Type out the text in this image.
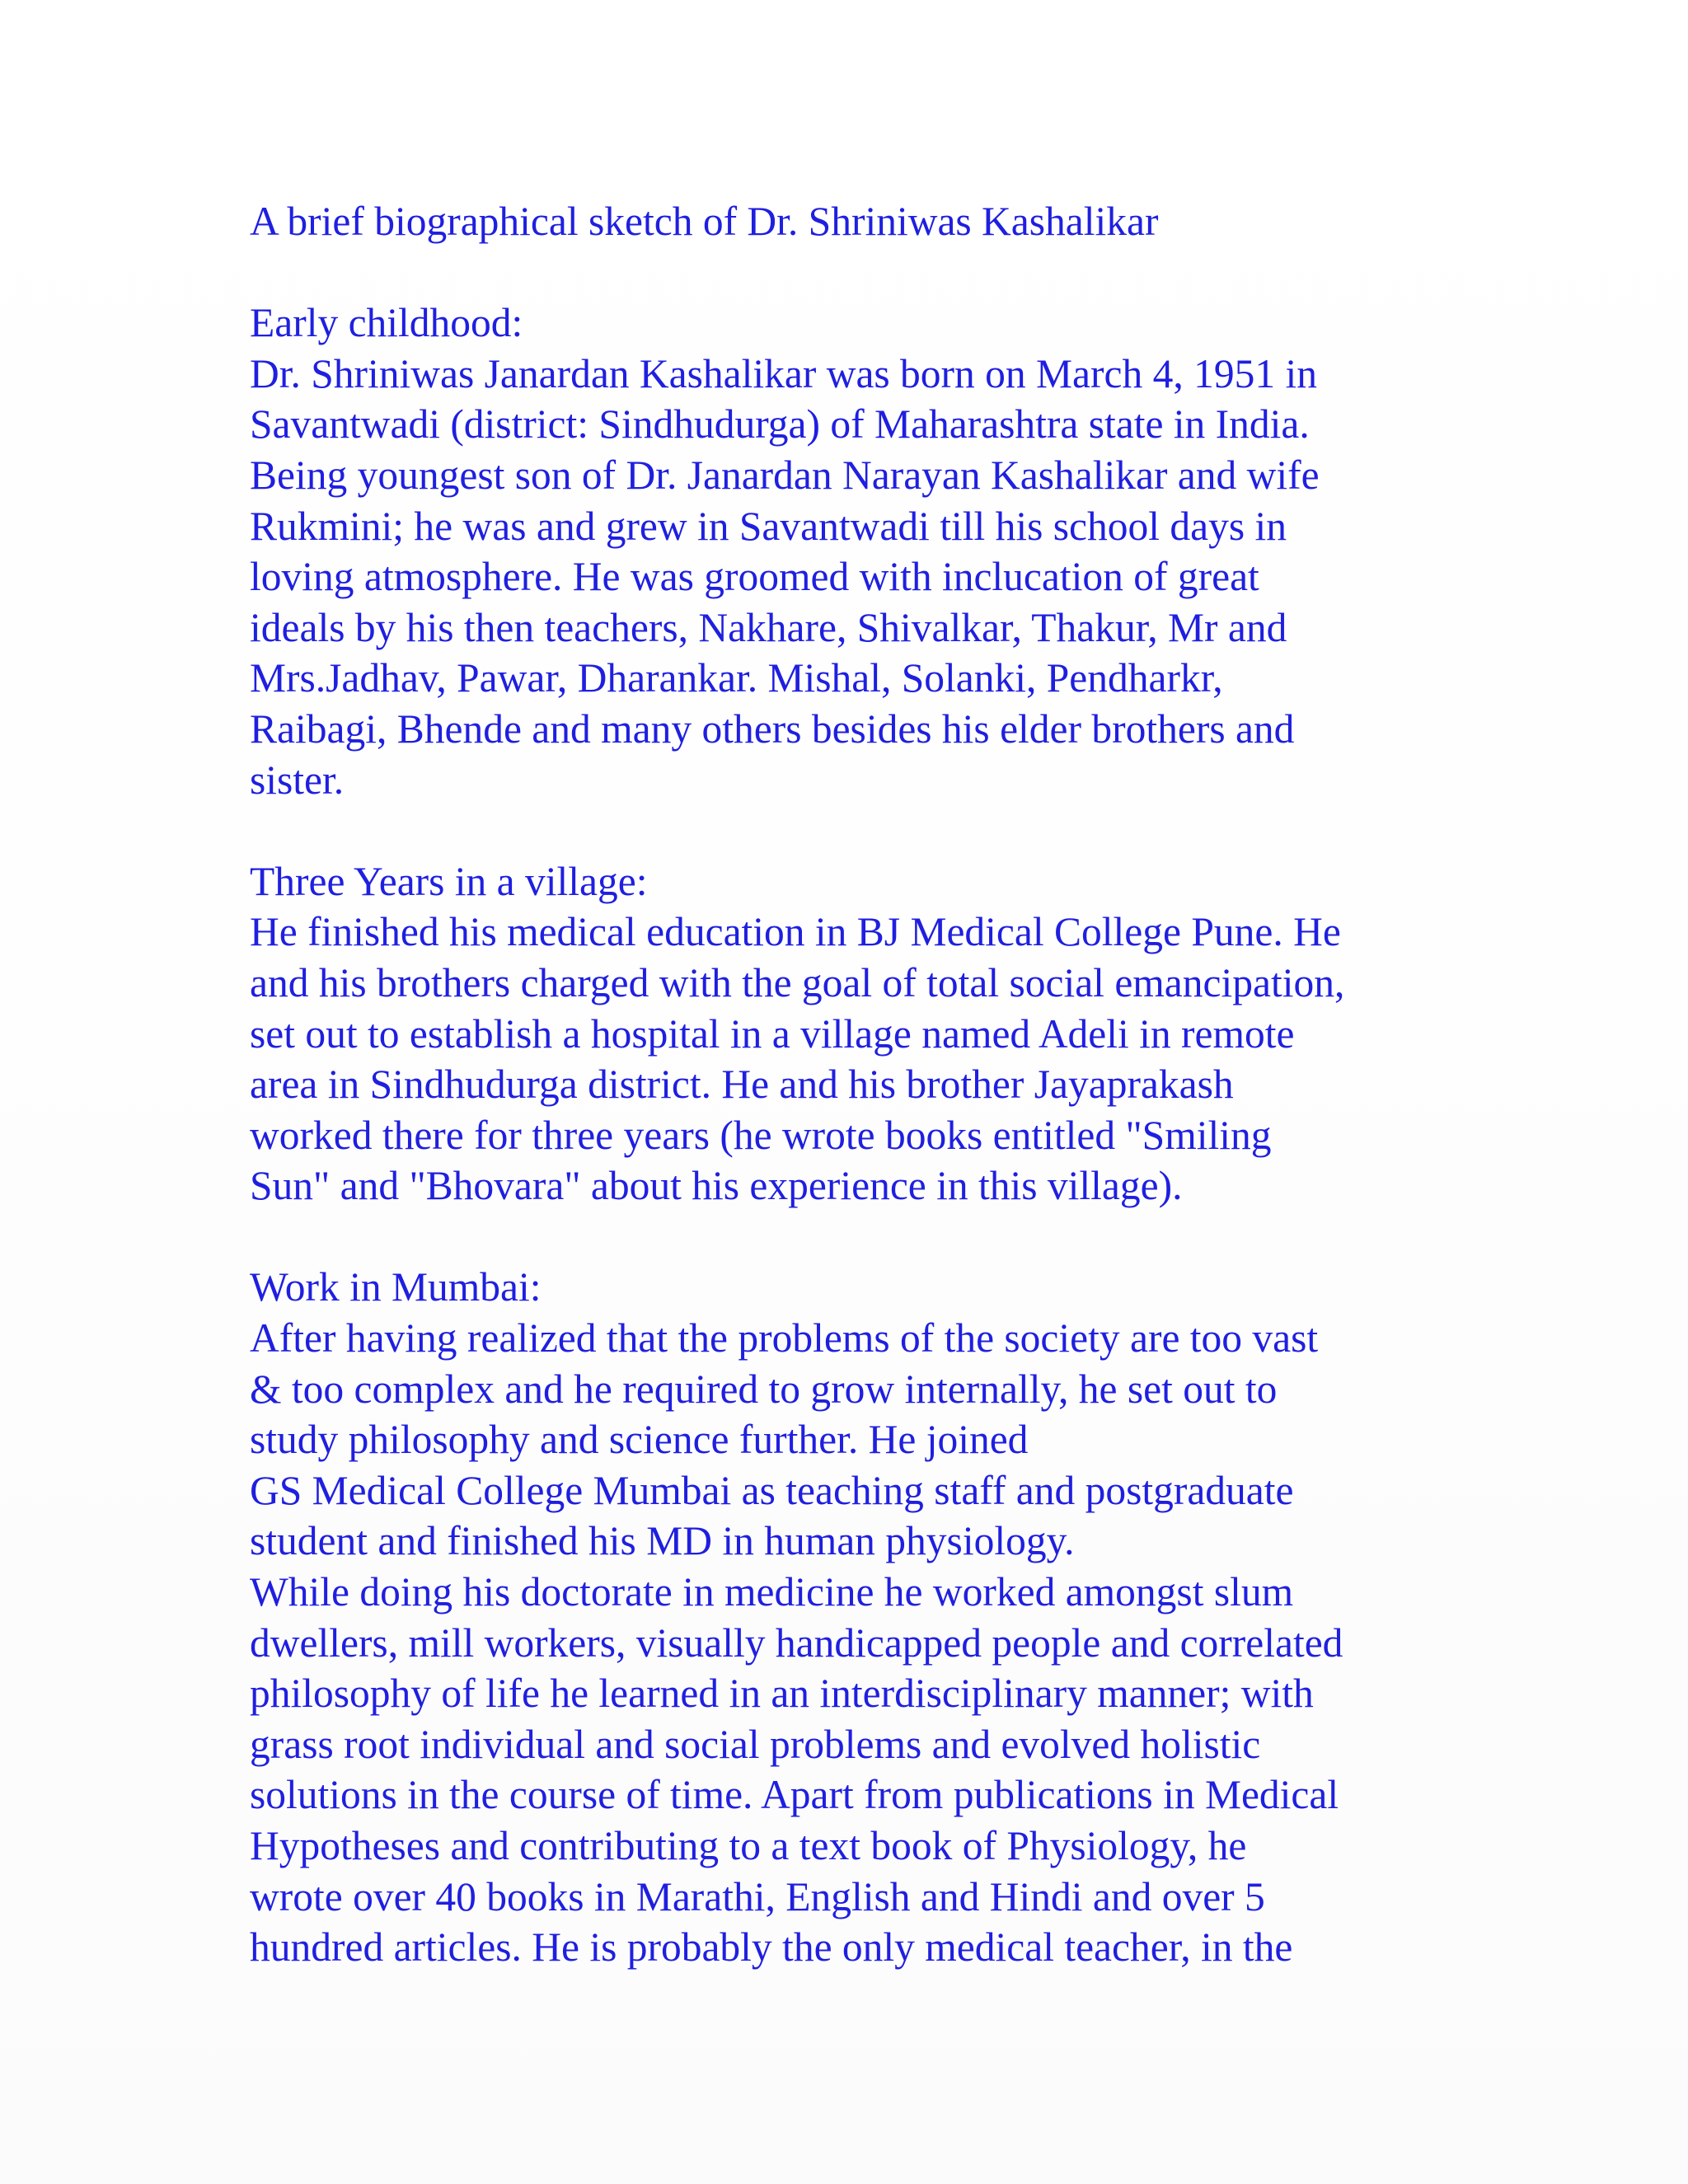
A brief biographical sketch of Dr. Shriniwas Kashalikar
Early childhood:
Dr. Shriniwas Janardan Kashalikar was born on March 4, 1951 in
Savantwadi (district: Sindhudurga) of Maharashtra state in India.
Being youngest son of Dr. Janardan Narayan Kashalikar and wife
Rukmini; he was and grew in Savantwadi till his school days in
loving atmosphere. He was groomed with inclucation of great
ideals by his then teachers, Nakhare, Shivalkar, Thakur, Mr and
Mrs.Jadhav, Pawar, Dharankar. Mishal, Solanki, Pendharkr,
Raibagi, Bhende and many others besides his elder brothers and
sister.
Three Years in a village:
He finished his medical education in BJ Medical College Pune. He
and his brothers charged with the goal of total social emancipation,
set out to establish a hospital in a village named Adeli in remote
area in Sindhudurga district. He and his brother Jayaprakash
worked there for three years (he wrote books entitled "Smiling
Sun" and "Bhovara" about his experience in this village).
Work in Mumbai:
After having realized that the problems of the society are too vast
& too complex and he required to grow internally, he set out to
study philosophy and science further. He joined
GS Medical College Mumbai as teaching staff and postgraduate
student and finished his MD in human physiology.
While doing his doctorate in medicine he worked amongst slum
dwellers, mill workers, visually handicapped people and correlated
philosophy of life he learned in an interdisciplinary manner; with
grass root individual and social problems and evolved holistic
solutions in the course of time. Apart from publications in Medical
Hypotheses and contributing to a text book of Physiology, he
wrote over 40 books in Marathi, English and Hindi and over 5
hundred articles. He is probably the only medical teacher, in the
